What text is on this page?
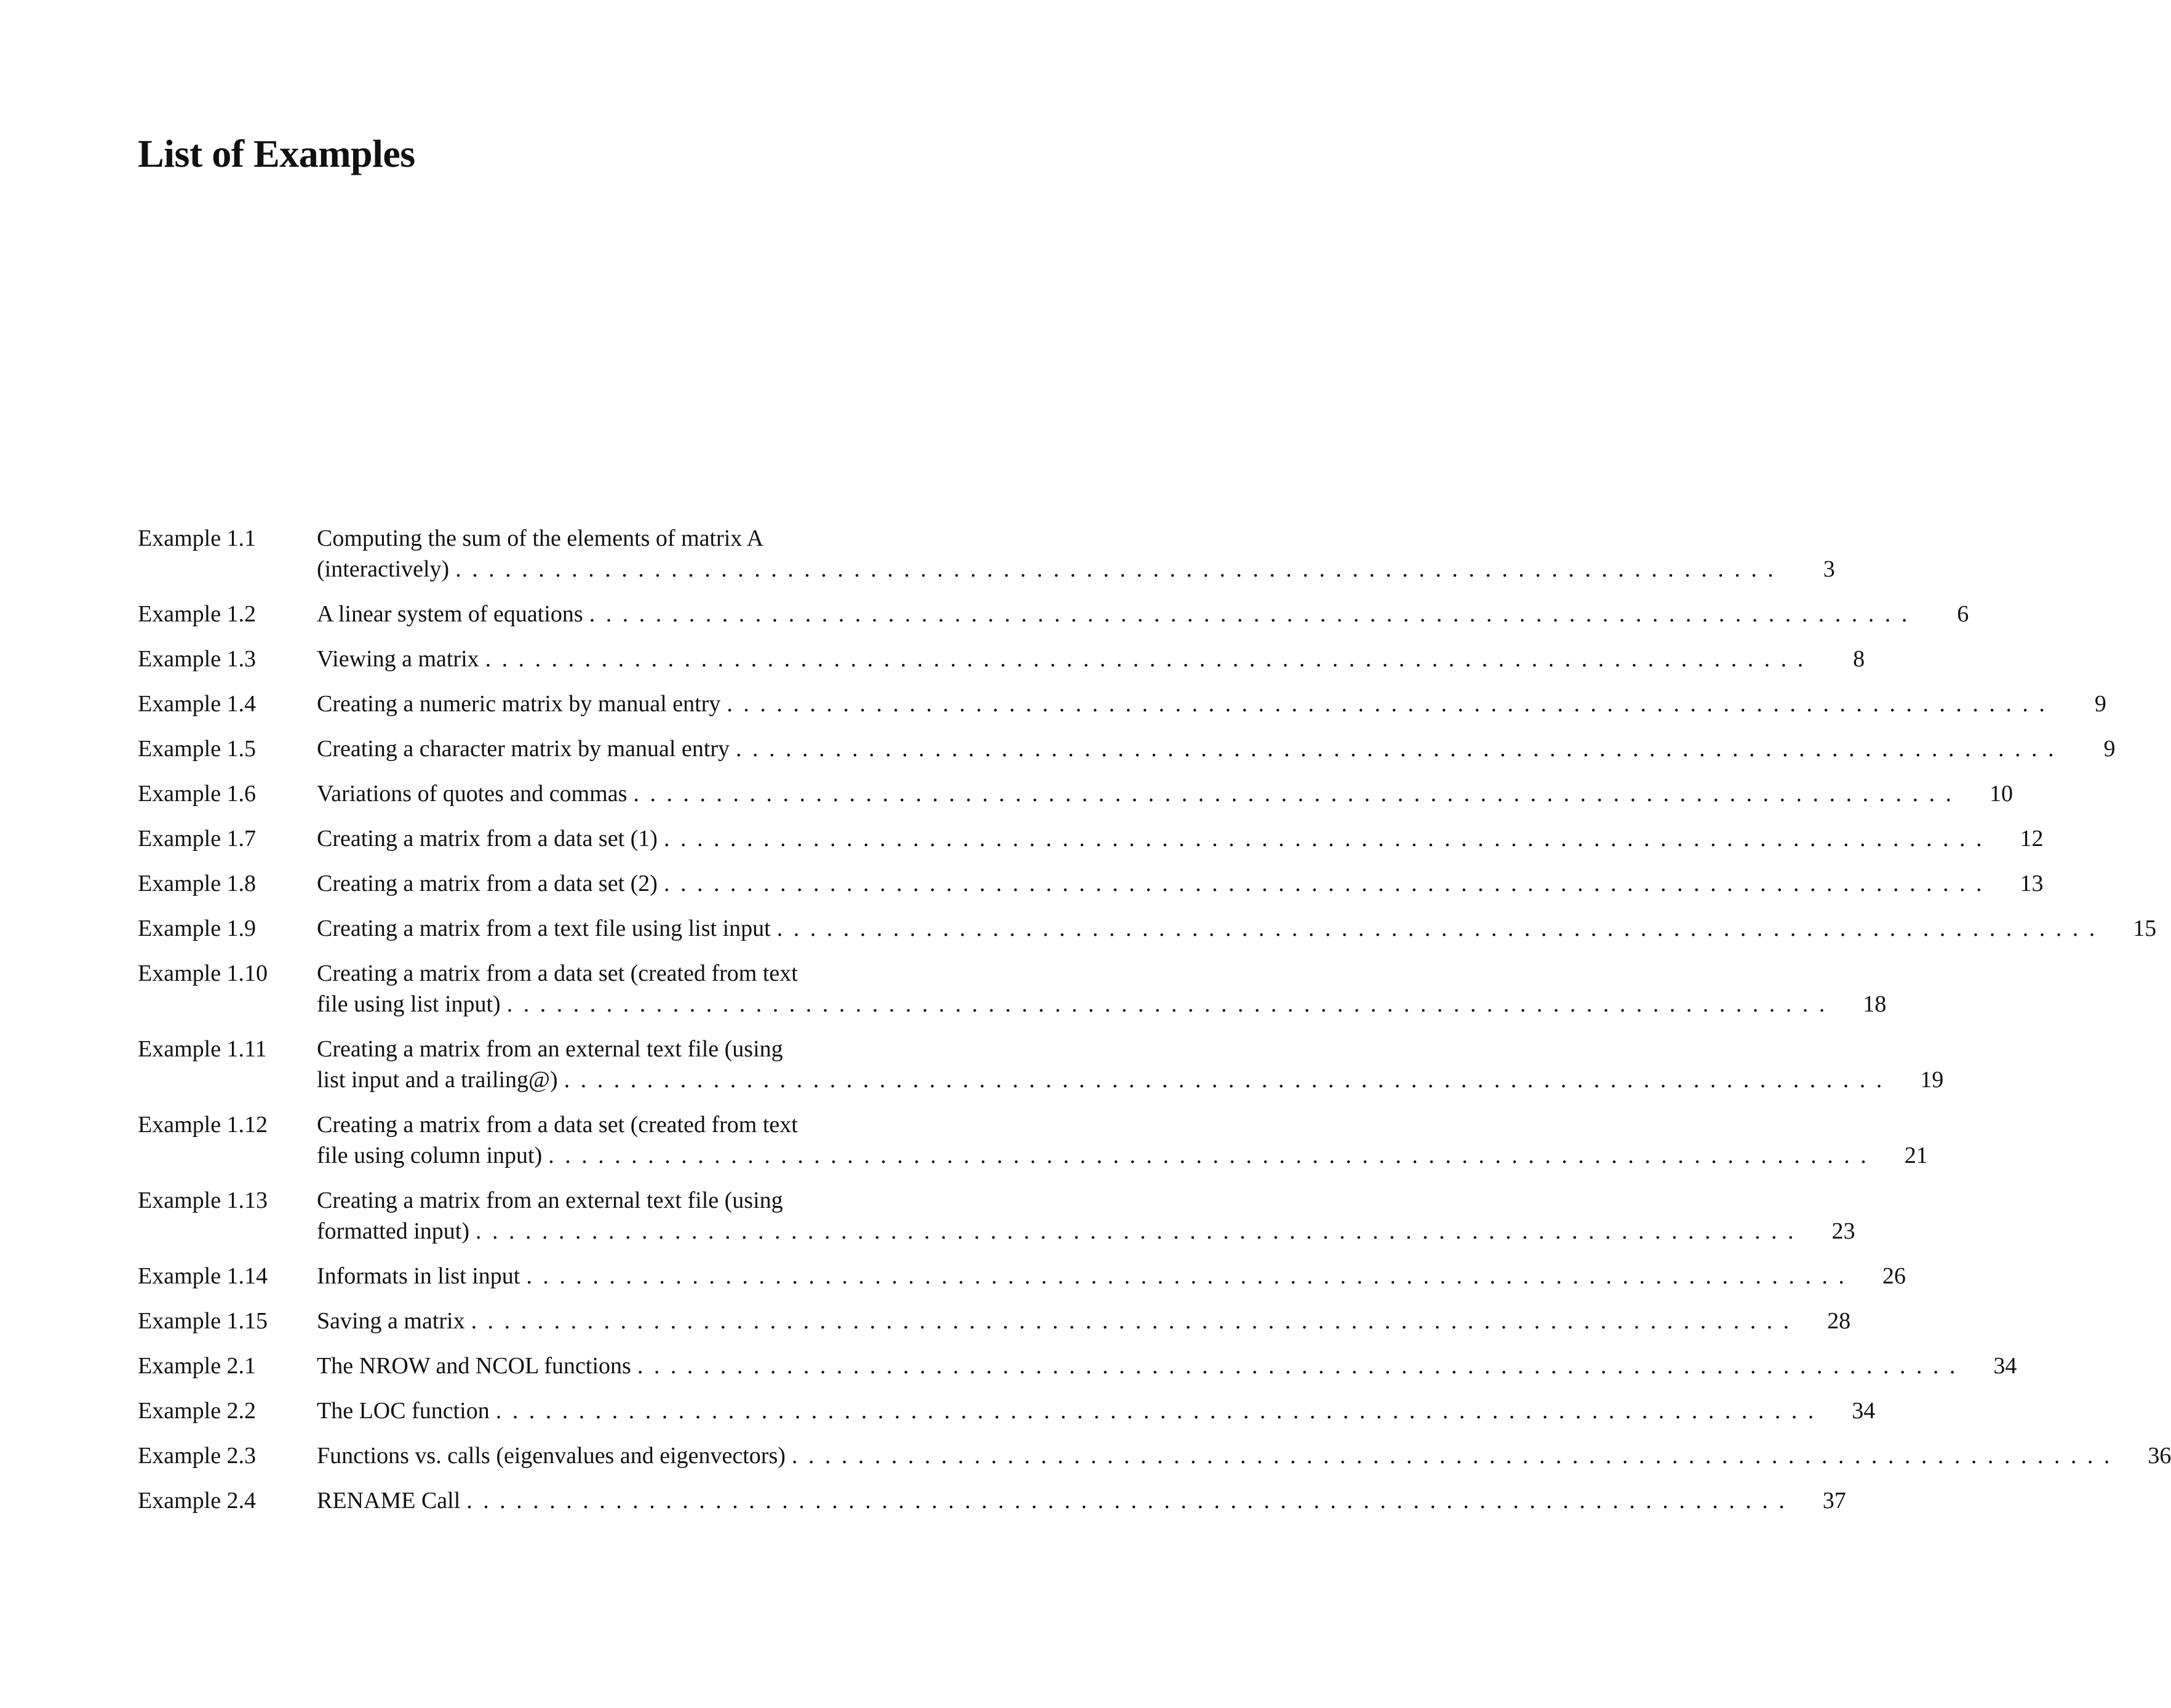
List of Examples
Example 1.1	Computing the sum of the elements of matrix A
(interactively) . . .	3
Example 1.2	A linear system of equations . . .	6
Example 1.3	Viewing a matrix . . .	8
Example 1.4	Creating a numeric matrix by manual entry . . .	9
Example 1.5	Creating a character matrix by manual entry . . .	9
Example 1.6	Variations of quotes and commas . . .	10
Example 1.7	Creating a matrix from a data set (1) . . .	12
Example 1.8	Creating a matrix from a data set (2) . . .	13
Example 1.9	Creating a matrix from a text file using list input . . .	15
Example 1.10	Creating a matrix from a data set (created from text
file using list input) . . .	18
Example 1.11	Creating a matrix from an external text file (using
list input and a trailing@) . . .	19
Example 1.12	Creating a matrix from a data set (created from text
file using column input) . . .	21
Example 1.13	Creating a matrix from an external text file (using
formatted input) . . .	23
Example 1.14	Informats in list input . . .	26
Example 1.15	Saving a matrix . . .	28
Example 2.1	The NROW and NCOL functions . . .	34
Example 2.2	The LOC function . . .	34
Example 2.3	Functions vs. calls (eigenvalues and eigenvectors) . . .	36
Example 2.4	RENAME Call . . .	37
